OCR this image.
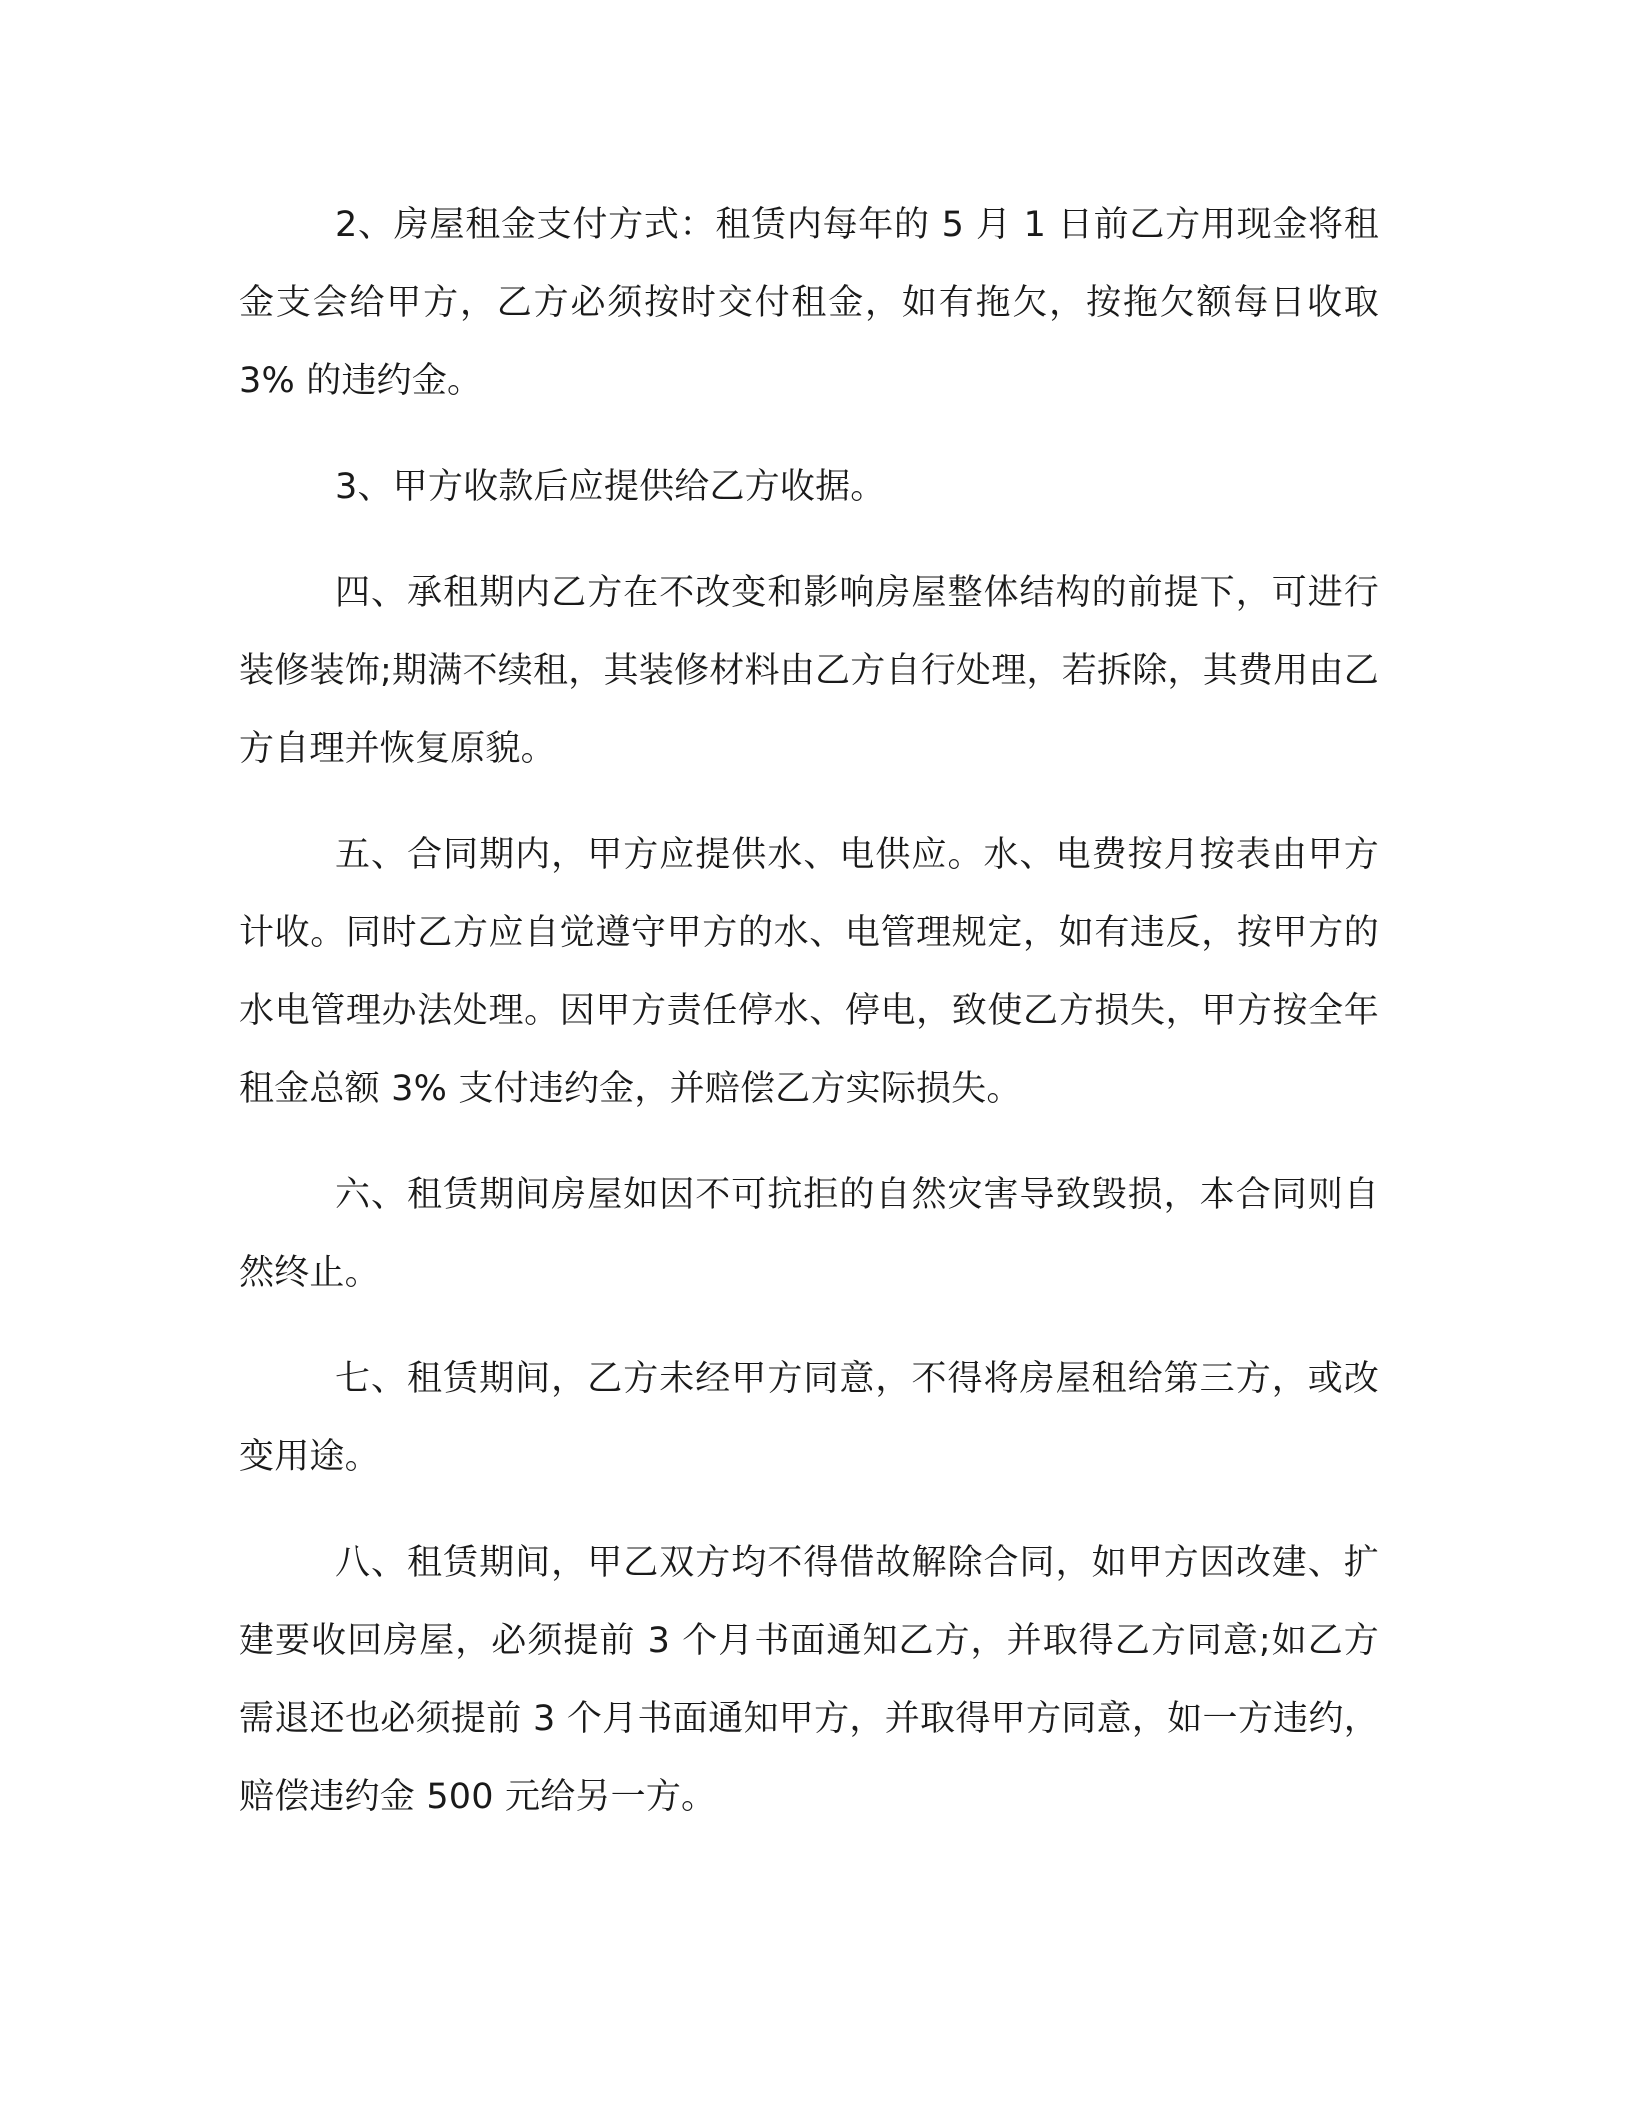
2、房屋租金支付方式：租赁内每年的 5 月 1 日前乙方用现金将租金支会给甲方，乙方必须按时交付租金，如有拖欠，按拖欠额每日收取 3% 的违约金。

3、甲方收款后应提供给乙方收据。

四、承租期内乙方在不改变和影响房屋整体结构的前提下，可进行装修装饰;期满不续租，其装修材料由乙方自行处理，若拆除，其费用由乙方自理并恢复原貌。

五、合同期内，甲方应提供水、电供应。水、电费按月按表由甲方计收。同时乙方应自觉遵守甲方的水、电管理规定，如有违反，按甲方的水电管理办法处理。因甲方责任停水、停电，致使乙方损失，甲方按全年租金总额 3% 支付违约金，并赔偿乙方实际损失。

六、租赁期间房屋如因不可抗拒的自然灾害导致毁损，本合同则自然终止。

七、租赁期间，乙方未经甲方同意，不得将房屋租给第三方，或改变用途。

八、租赁期间，甲乙双方均不得借故解除合同，如甲方因改建、扩建要收回房屋，必须提前 3 个月书面通知乙方，并取得乙方同意;如乙方需退还也必须提前 3 个月书面通知甲方，并取得甲方同意，如一方违约，赔偿违约金 500 元给另一方。
